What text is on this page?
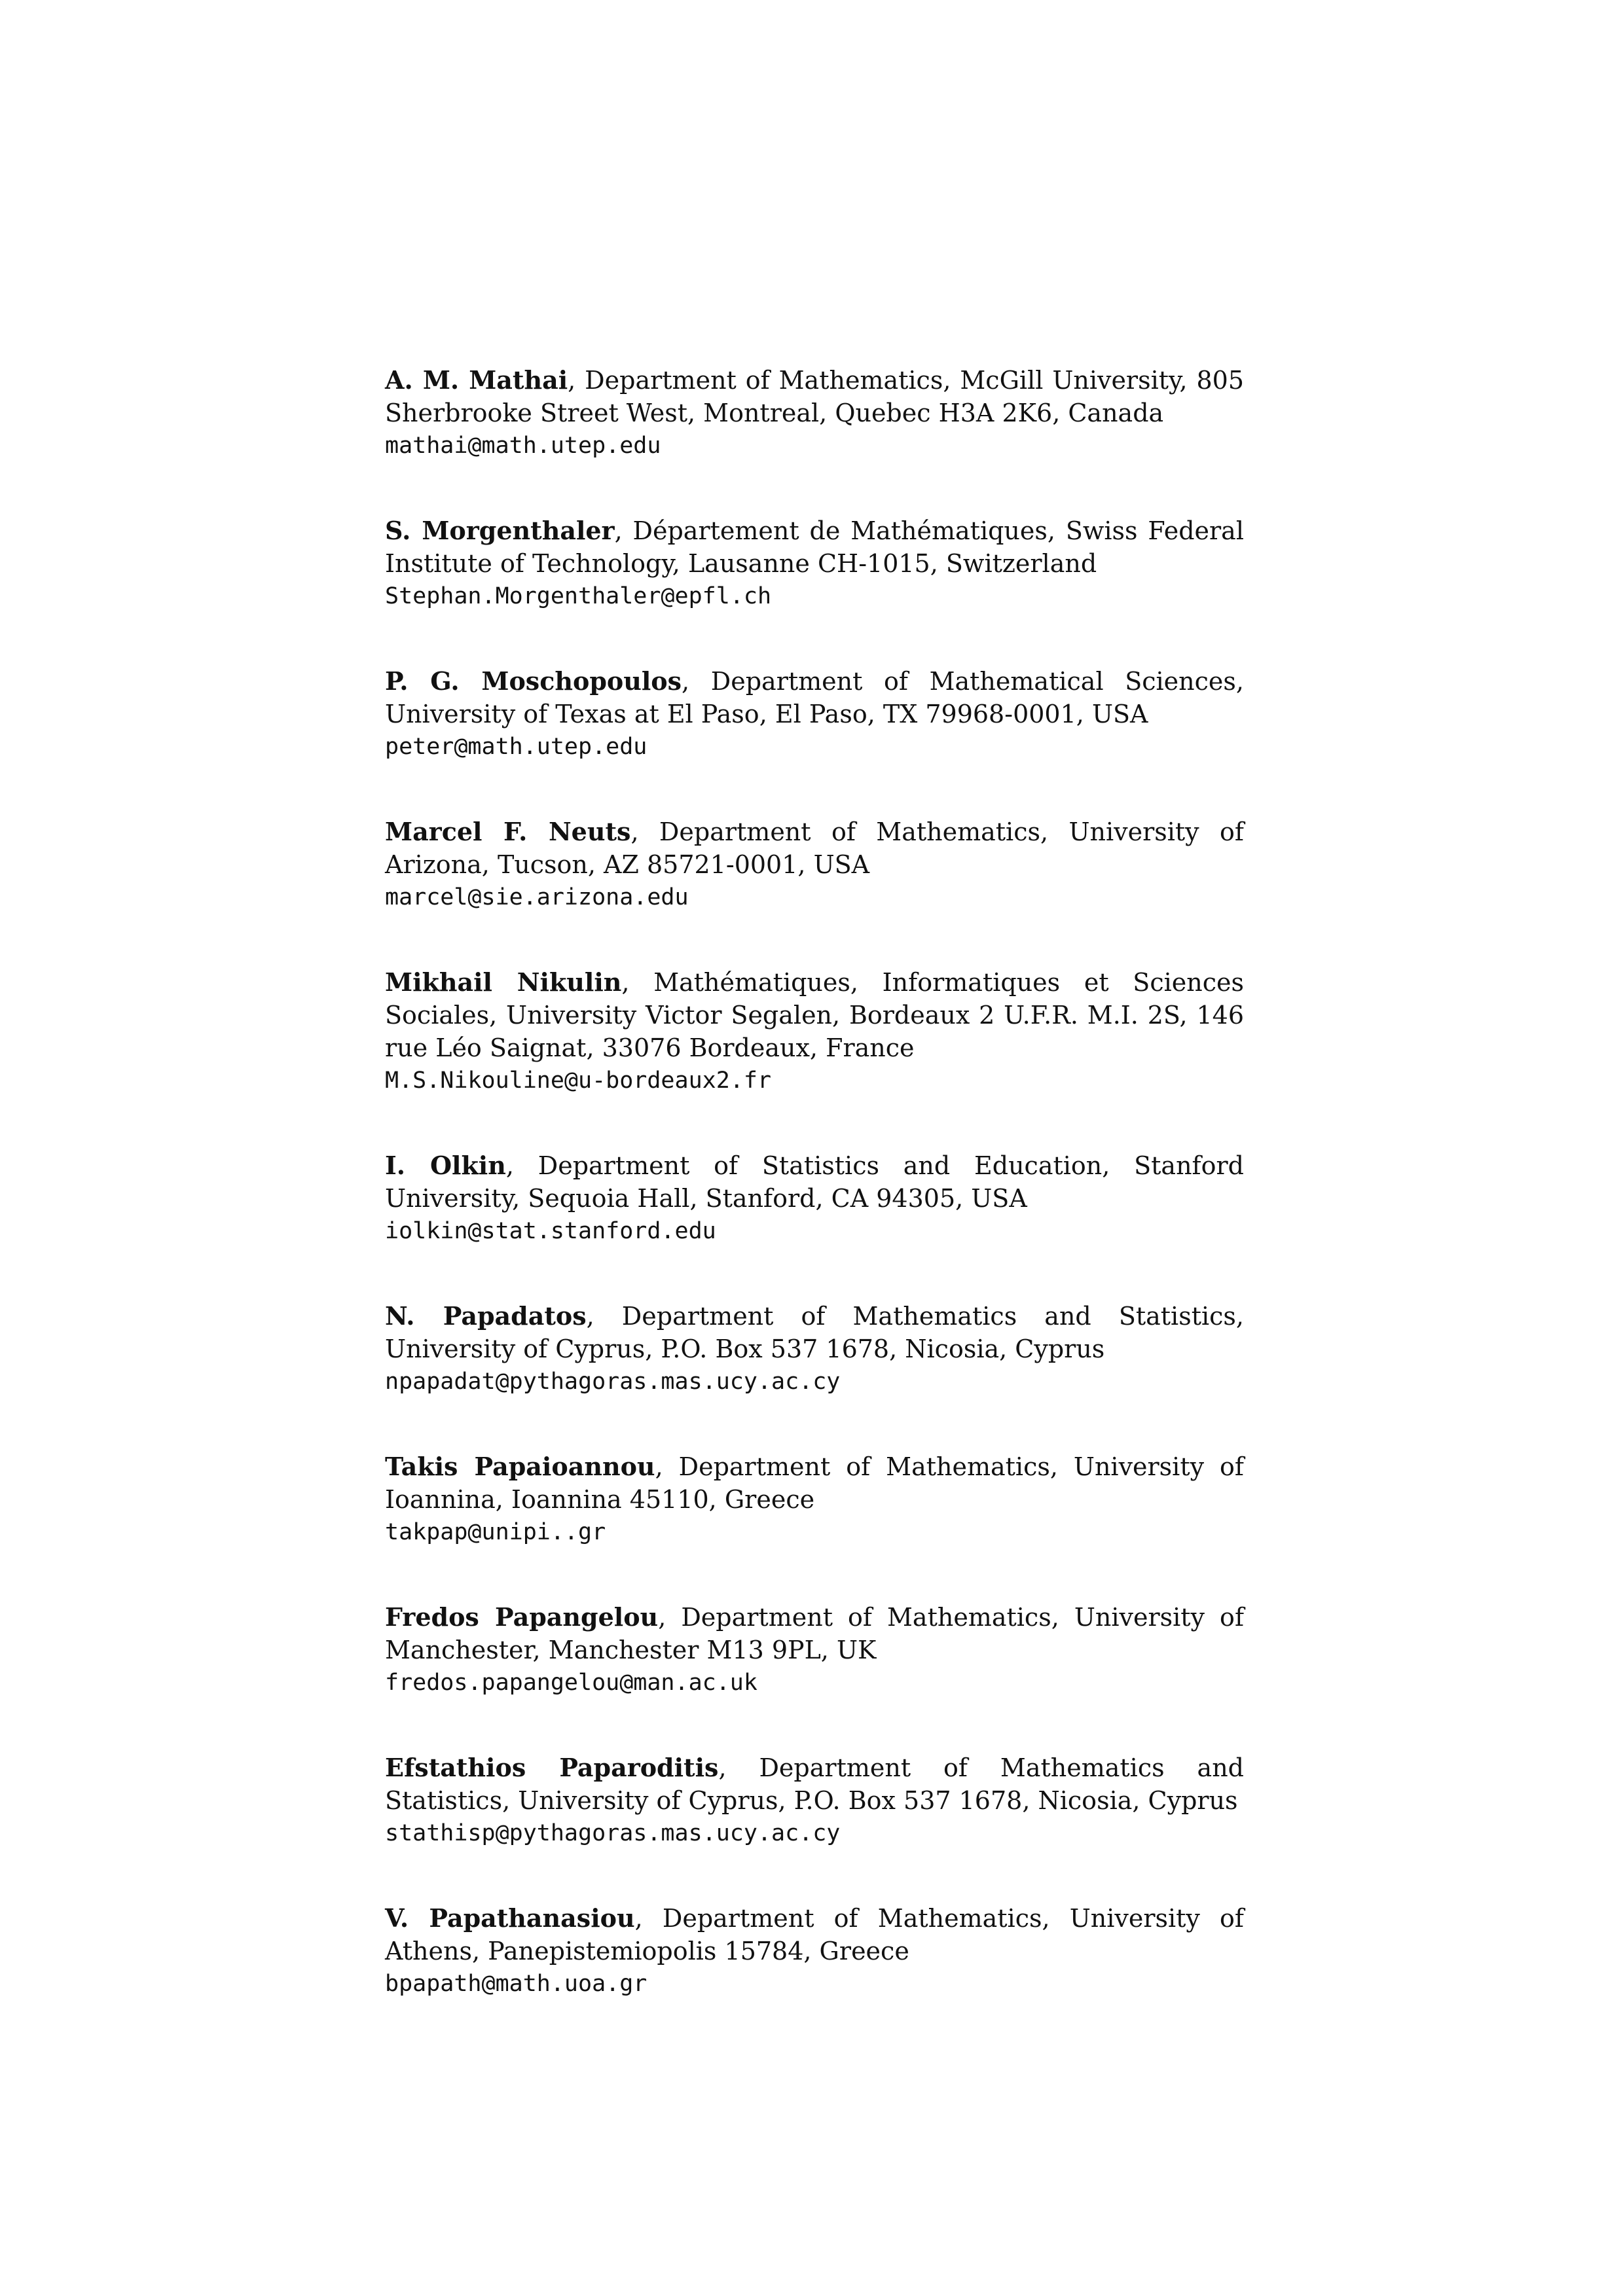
A. M. Mathai, Department of Mathematics, McGill University, 805 Sherbrooke Street West, Montreal, Quebec H3A 2K6, Canada

mathai@math.utep.edu

S. Morgenthaler, Département de Mathématiques, Swiss Federal Institute of Technology, Lausanne CH-1015, Switzerland

Stephan.Morgenthaler@epfl.ch

P. G. Moschopoulos, Department of Mathematical Sciences, University of Texas at El Paso, El Paso, TX 79968-0001, USA

peter@math.utep.edu

Marcel F. Neuts, Department of Mathematics, University of Arizona, Tucson, AZ 85721-0001, USA

marcel@sie.arizona.edu

Mikhail Nikulin, Mathématiques, Informatiques et Sciences Sociales, University Victor Segalen, Bordeaux 2 U.F.R. M.I. 2S, 146 rue Léo Saignat, 33076 Bordeaux, France

M.S.Nikouline@u-bordeaux2.fr

I. Olkin, Department of Statistics and Education, Stanford University, Sequoia Hall, Stanford, CA 94305, USA

iolkin@stat.stanford.edu

N. Papadatos, Department of Mathematics and Statistics, University of Cyprus, P.O. Box 537 1678, Nicosia, Cyprus

npapadat@pythagoras.mas.ucy.ac.cy

Takis Papaioannou, Department of Mathematics, University of Ioannina, Ioannina 45110, Greece

takpap@unipi..gr

Fredos Papangelou, Department of Mathematics, University of Manchester, Manchester M13 9PL, UK

fredos.papangelou@man.ac.uk

Efstathios Paparoditis, Department of Mathematics and Statistics, University of Cyprus, P.O. Box 537 1678, Nicosia, Cyprus

stathisp@pythagoras.mas.ucy.ac.cy

V. Papathanasiou, Department of Mathematics, University of Athens, Panepistemiopolis 15784, Greece

bpapath@math.uoa.gr
